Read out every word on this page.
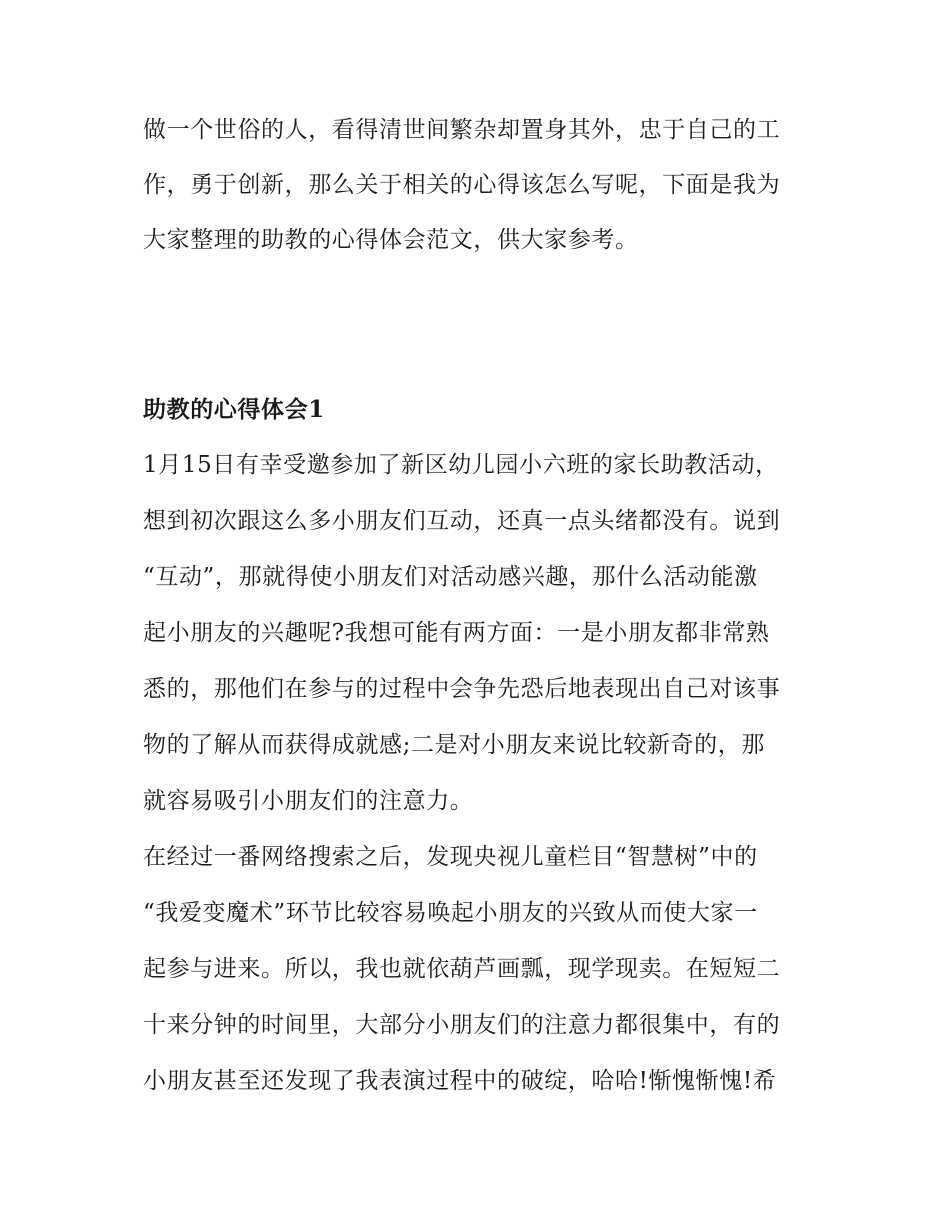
做一个世俗的人，看得清世间繁杂却置身其外，忠于自己的工
作，勇于创新，那么关于相关的心得该怎么写呢，下面是我为
大家整理的助教的心得体会范文，供大家参考。
助教的心得体会1
1月15日有幸受邀参加了新区幼儿园小六班的家长助教活动，
想到初次跟这么多小朋友们互动，还真一点头绪都没有。说到
“互动”，那就得使小朋友们对活动感兴趣，那什么活动能激
起小朋友的兴趣呢?我想可能有两方面：一是小朋友都非常熟
悉的，那他们在参与的过程中会争先恐后地表现出自己对该事
物的了解从而获得成就感;二是对小朋友来说比较新奇的，那
就容易吸引小朋友们的注意力。
在经过一番网络搜索之后，发现央视儿童栏目“智慧树”中的
“我爱变魔术”环节比较容易唤起小朋友的兴致从而使大家一
起参与进来。所以，我也就依葫芦画瓢，现学现卖。在短短二
十来分钟的时间里，大部分小朋友们的注意力都很集中，有的
小朋友甚至还发现了我表演过程中的破绽，哈哈!惭愧惭愧!希
